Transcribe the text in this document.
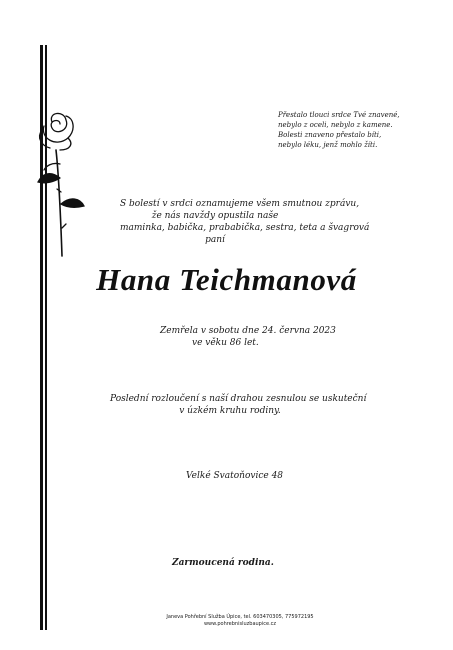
Přestalo tlouci srdce Tvé znavené,
nebylo z oceli, nebylo z kamene.
Bolesti znaveno přestalo bíti,
nebylo léku, jenž mohlo žíti.
S bolestí v srdci oznamujeme všem smutnou zprávu,
že nás navždy opustila naše
maminka, babička, prababička, sestra, teta a švagrová
paní
Hana Teichmanová
Zemřela v sobotu dne 24. června 2023
ve věku 86 let.
Poslední rozloučení s naší drahou zesnulou se uskuteční
v úzkém kruhu rodiny.
Velké Svatoňovice 48
Zarmoucená rodina.
Janeva Pohřební Služba Úpice, tel. 603470305, 775972195
www.pohrebnisluzbaupice.cz
